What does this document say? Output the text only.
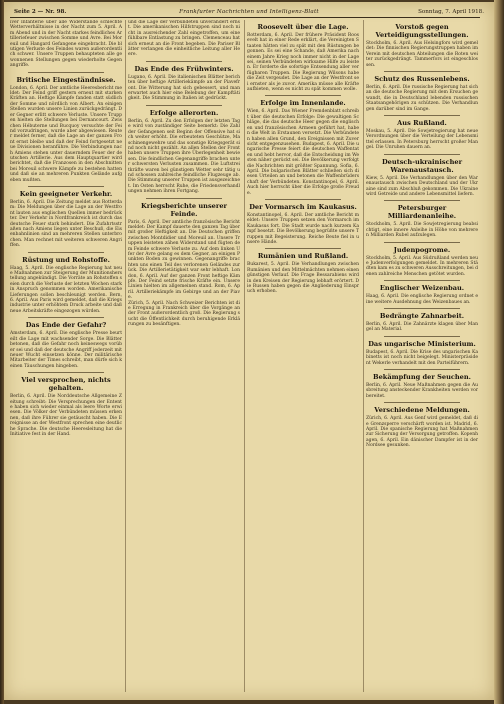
Seite 2 — Nr. 98.	Frankfurter Nachrichten und Intelligenz-Blatt	Sonntag, 7. April 1918.
iver Infanterie über alle Widerstände schlechte Wetterverhältnisse in der Nacht zum 5. April. Am Abend und in der Nacht starkes feindliches Artilleriefeuer zwischen Somme und Avre. Bei Moreuil und Hangard Gefangene eingebracht. Die blutigen Verluste des Feindes waren außerordentlich schwer. Unsere Truppen behaupteten alle gewonnenen Stellungen gegen wiederholte Gegenangriffe.
Britische Eingeständnisse.
London, 6. April. Der amtliche Heeresbericht meldet: Der Feind griff gestern erneut mit starken Kräften an. Heftige Kämpfe fanden statt südlich der Somme und nördlich von Albert. An einigen Stellen wurden unsere Linien zurückgedrängt. Der Gegner erlitt schwere Verluste. Unsere Truppen hielten die Stellungen bei Dernancourt. Zwischen Hébuterne und Bucquoy versuchte der Feind vorzudringen, wurde aber abgewiesen. Reuter meldet ferner, daß die Lage an der ganzen Front ernst bleibe und daß der Feind fortgesetzt neue Divisionen heranführe. Die Verbindungen nach Amiens stehen unter dauerndem Feuer der deutschen Artillerie. Aus dem Hauptquartier wird berichtet, daß die Franzosen in den Abschnitten bei Moreuil schwere Kämpfe zu bestehen hatten und daß sie an mehreren Punkten Gelände aufgeben mußten.
Kein geeigneter Verkehr.
Berlin, 6. April. Die Zeitung meldet aus Rotterdam: Die Meldungen über die Lage an der Westfront lauten aus englischen Quellen immer bedrückter. Der Verkehr in Nordfrankreich ist durch das deutsche Feuer stark behindert. Die Zufahrtsstraßen nach Amiens liegen unter Beschuß, die Eisenbahnlinien sind an mehreren Stellen unterbrochen. Man rechnet mit weiteren schweren Angriffen.
Rüstung und Rohstoffe.
Haag, 5. April. Die englische Regierung hat neue Maßnahmen zur Steigerung der Munitionsherstellung angekündigt. Die Vorräte an Rohstoffen seien durch die Verluste der letzten Wochen stark in Anspruch genommen worden. Amerikanische Lieferungen sollen beschleunigt werden. Bern, 6. April. Aus Paris wird gemeldet, daß die Kriegsindustrie unter erhöhtem Druck arbeite und daß neue Arbeitskräfte eingezogen würden.
Das Ende der Gefahr?
Amsterdam, 6. April. Die englische Presse beurteilt die Lage mit wachsender Sorge. Die Blätter betonen, daß die Gefahr noch keineswegs vorüber sei und daß der deutsche Angriff jederzeit mit neuer Wucht einsetzen könne. Der militärische Mitarbeiter der Times schreibt, man dürfe sich keinen Täuschungen hingeben.
Viel versprochen, nichts gehalten.
Berlin, 6. April. Die Norddeutsche Allgemeine Zeitung schreibt: Die Versprechungen der Entente haben sich wieder einmal als leere Worte erwiesen. Die Völker der Verbündeten müssen erkennen, daß ihre Führer sie getäuscht haben. Die Ereignisse an der Westfront sprechen eine deutliche Sprache. Die deutsche Heeresleitung hat die Initiative fest in der Hand.
und die Lage der Verbündeten unverändert ernst. Die amerikanischen Hilfstruppen sind noch nicht in ausreichender Zahl eingetroffen, um eine fühlbare Entlastung zu bringen. Clemenceau hat sich erneut an die Front begeben. Die Pariser Blätter verlangen die einheitliche Leitung aller Heere.
Das Ende des Frühwinters.
Lugano, 6. April. Die italienischen Blätter berichten über heftige Artilleriekämpfe an der Piavefront. Die Witterung hat sich gebessert, und man erwartet auch hier eine Belebung der Kampftätigkeit. Die Stimmung in Italien ist gedrückt.
Erfolge allerorten.
Berlin, 6. April. Zu den Erfolgen der letzten Tage wird von zuständiger Seite bemerkt: Die Zahl der Gefangenen seit Beginn der Offensive hat sich weiter erhöht. Die erbeuteten Geschütze, Maschinengewehre und das sonstige Kriegsgerät sind noch nicht gezählt. An allen Stellen der Front haben unsere Truppen ihre Überlegenheit bewiesen. Die feindlichen Gegenangriffe brachen unter schwersten Verlusten zusammen. Die Luftstreitkräfte waren bei günstigem Wetter sehr tätig und schossen zahlreiche feindliche Flugzeuge ab. Die Stimmung unserer Truppen ist ausgezeichnet. Im Osten herrscht Ruhe, die Friedensverhandlungen nehmen ihren Fortgang.
Kriegsberichte unserer Feinde.
Paris, 6. April. Der amtliche französische Bericht meldet: Der Kampf dauerte den ganzen Tag über mit großer Heftigkeit an. Die Deutschen griffen zwischen Montdidier und Moreuil an. Unsere Truppen leisteten zähen Widerstand und fügten dem Feinde schwere Verluste zu. Auf dem linken Ufer der Avre gelang es dem Gegner, an einigen Punkten Boden zu gewinnen. Gegenangriffe brachten uns einen Teil des verlorenen Geländes zurück. Die Artillerietätigkeit war sehr lebhaft. London, 6. April. Auf der ganzen Front heftige Kämpfe. Der Feind setzte frische Kräfte ein. Unsere Linien hielten im allgemeinen stand. Rom, 6. April. Artilleriekämpfe im Gebirge und an der Piave.
Zürich, 5. April. Nach Schweizer Berichten ist die Erregung in Frankreich über die Vorgänge an der Front außerordentlich groß. Die Regierung sucht die Öffentlichkeit durch beruhigende Erklärungen zu besänftigen.
Roosevelt über die Lage.
Rotterdam, 6. April. Der frühere Präsident Roosevelt hat in einer Rede erklärt, die Vereinigten Staaten hätten viel zu spät mit den Rüstungen begonnen. Es sei eine Schande, daß Amerika nach einem Jahre Krieg noch immer nicht in der Lage sei, seinen Verbündeten wirksame Hilfe zu leisten. Er forderte die sofortige Entsendung aller verfügbaren Truppen. Die Regierung Wilsons habe die Zeit vergeudet. Die Lage an der Westfront sei ernster als je zuvor. Amerika müsse alle Kräfte aufbieten, wenn es nicht zu spät kommen wolle.
Erfolge im Innenlande.
Wien, 6. April. Das Wiener Fremdenblatt schreibt über die deutschen Erfolge: Die gewaltigen Schläge, die das deutsche Heer gegen die englischen und französischen Armeen geführt hat, haben die Welt in Erstaunen versetzt. Die Verbündeten haben allen Grund, den Ereignissen mit Zuversicht entgegenzusehen. Budapest, 6. April. Die ungarische Presse feiert die deutschen Waffentaten und hebt hervor, daß die Entscheidung im Westen näher gerückt sei. Die Bevölkerung verfolgt die Nachrichten mit größter Spannung. Sofia, 6. April. Die bulgarischen Blätter schließen sich diesen Urteilen an und betonen die Waffenbrüderschaft der Verbündeten. Konstantinopel, 6. April. Auch hier herrscht über die Erfolge große Freude.
Der Vormarsch im Kaukasus.
Konstantinopel, 6. April. Der amtliche Bericht meldet: Unsere Truppen setzen den Vormarsch im Kaukasus fort. Die Stadt wurde nach kurzem Kampf besetzt. Die Bevölkerung begrüßte unsere Truppen mit Begeisterung. Reiche Beute fiel in unsere Hände.
Rumänien und Rußland.
Bukarest, 5. April. Die Verhandlungen zwischen Rumänien und den Mittelmächten nehmen einen günstigen Verlauf. Die Frage Bessarabiens wird in den Kreisen der Regierung lebhaft erörtert. Die Russen haben gegen die Angliederung Einspruch erhoben.
Vorstoß gegen Verteidigungsstellungen.
Stockholm, 6. April. Aus Helsingfors wird gemeldet: Die finnischen Regierungstruppen haben im Verein mit deutschen Abteilungen die Roten weiter zurückgedrängt. Tammerfors ist eingeschlossen.
Schutz des Russenlebens.
Berlin, 6. April. Die russische Regierung hat sich an die deutsche Regierung mit dem Ersuchen gewandt, die in Deutschland lebenden russischen Staatsangehörigen zu schützen. Die Verhandlungen darüber sind im Gange.
Aus Rußland.
Moskau, 5. April. Die Sowjetregierung hat neue Verordnungen über die Verteilung der Lebensmittel erlassen. In Petersburg herrscht großer Mangel. Die Unruhen dauern an.
Deutsch-ukrainischer Warenaustausch.
Kiew, 5. April. Die Verhandlungen über den Warenaustausch zwischen Deutschland und der Ukraine sind zum Abschluß gekommen. Die Ukraine wird Getreide und andere Lebensmittel liefern.
Petersburger Milliardenanleihe.
Stockholm, 5. April. Die Sowjetregierung beabsichtigt, eine innere Anleihe in Höhe von mehreren Milliarden Rubel aufzulegen.
Judenpogrome.
Stockholm, 5. April. Aus Südrußland werden neue Judenverfolgungen gemeldet. In mehreren Städten kam es zu schweren Ausschreitungen, bei denen zahlreiche Menschen getötet wurden.
Englischer Weizenbau.
Haag, 6. April. Die englische Regierung ordnet eine weitere Ausdehnung des Weizenbaues an.
Bedrängte Zahnarbeit.
Berlin, 6. April. Die Zahnärzte klagen über Mangel an Material.
Das ungarische Ministerium.
Budapest, 6. April. Die Krise des ungarischen Kabinetts ist noch nicht beigelegt. Ministerpräsident Wekerle verhandelt mit den Parteiführern.
Bekämpfung der Seuchen.
Berlin, 6. April. Neue Maßnahmen gegen die Ausbreitung ansteckender Krankheiten werden vorbereitet.
Verschiedene Meldungen.
Zürich, 6. April. Aus Genf wird gemeldet, daß die Grenzsperre verschärft worden ist. Madrid, 6. April. Die spanische Regierung hat Maßnahmen zur Sicherung der Versorgung getroffen. Kopenhagen, 6. April. Ein dänischer Dampfer ist in der Nordsee gesunken.
